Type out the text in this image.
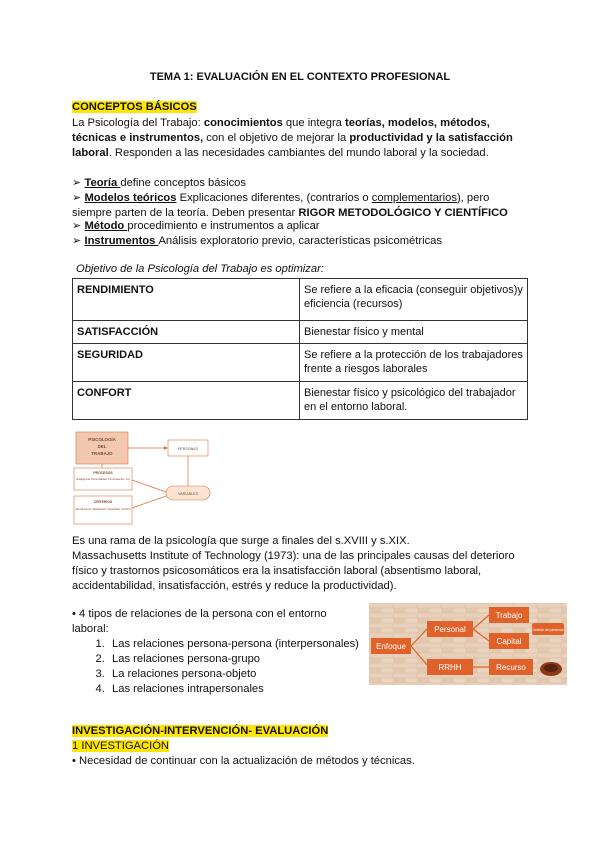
TEMA 1: EVALUACIÓN EN EL CONTEXTO PROFESIONAL
CONCEPTOS BÁSICOS
La Psicología del Trabajo: conocimientos que integra teorías, modelos, métodos, técnicas e instrumentos, con el objetivo de mejorar la productividad y la satisfacción laboral. Responden a las necesidades cambiantes del mundo laboral y la sociedad.
➢ Teoría define conceptos básicos
➢ Modelos teóricos Explicaciones diferentes, (contrarios o complementarios), pero siempre parten de la teoría. Deben presentar RIGOR METODOLÓGICO Y CIENTÍFICO
➢ Método procedimiento e instrumentos a aplicar
➢ Instrumentos Análisis exploratorio previo, características psicométricas
Objetivo de la Psicología del Trabajo es optimizar:
RENDIMIENTO	Se refiere a la eficacia (conseguir objetivos)y eficiencia (recursos)
SATISFACCIÓN	Bienestar físico y mental
SEGURIDAD	Se refiere a la protección de los trabajadores frente a riesgos laborales
CONFORT	Bienestar físico y psicológico del trabajador en el entorno laboral.
PSICOLOGÍA DEL TRABAJO
PERSONAS
PROCESOS
(Inteligencia, Personalidad, Comunicación, etc)
CRITERIOS
(Rendimiento, Satisfacción, Seguridad, Confort)
VARIABLES
Es una rama de la psicología que surge a finales del s.XVIII y s.XIX.
Massachusetts Institute of Technology (1973): una de las principales causas del deterioro físico y trastornos psicosomáticos era la insatisfacción laboral (absentismo laboral, accidentabilidad, insatisfacción, estrés y reduce la productividad).
• 4 tipos de relaciones de la persona con el entorno laboral:
1. Las relaciones persona-persona (interpersonales)
2. Las relaciones persona-grupo
3. La relaciones persona-objeto
4. Las relaciones intrapersonales
Enfoque
Personal
RRHH
Trabajo
Capital
Recurso
Gestión de personas
INVESTIGACIÓN-INTERVENCIÓN- EVALUACIÓN
1 INVESTIGACIÓN
• Necesidad de continuar con la actualización de métodos y técnicas.
